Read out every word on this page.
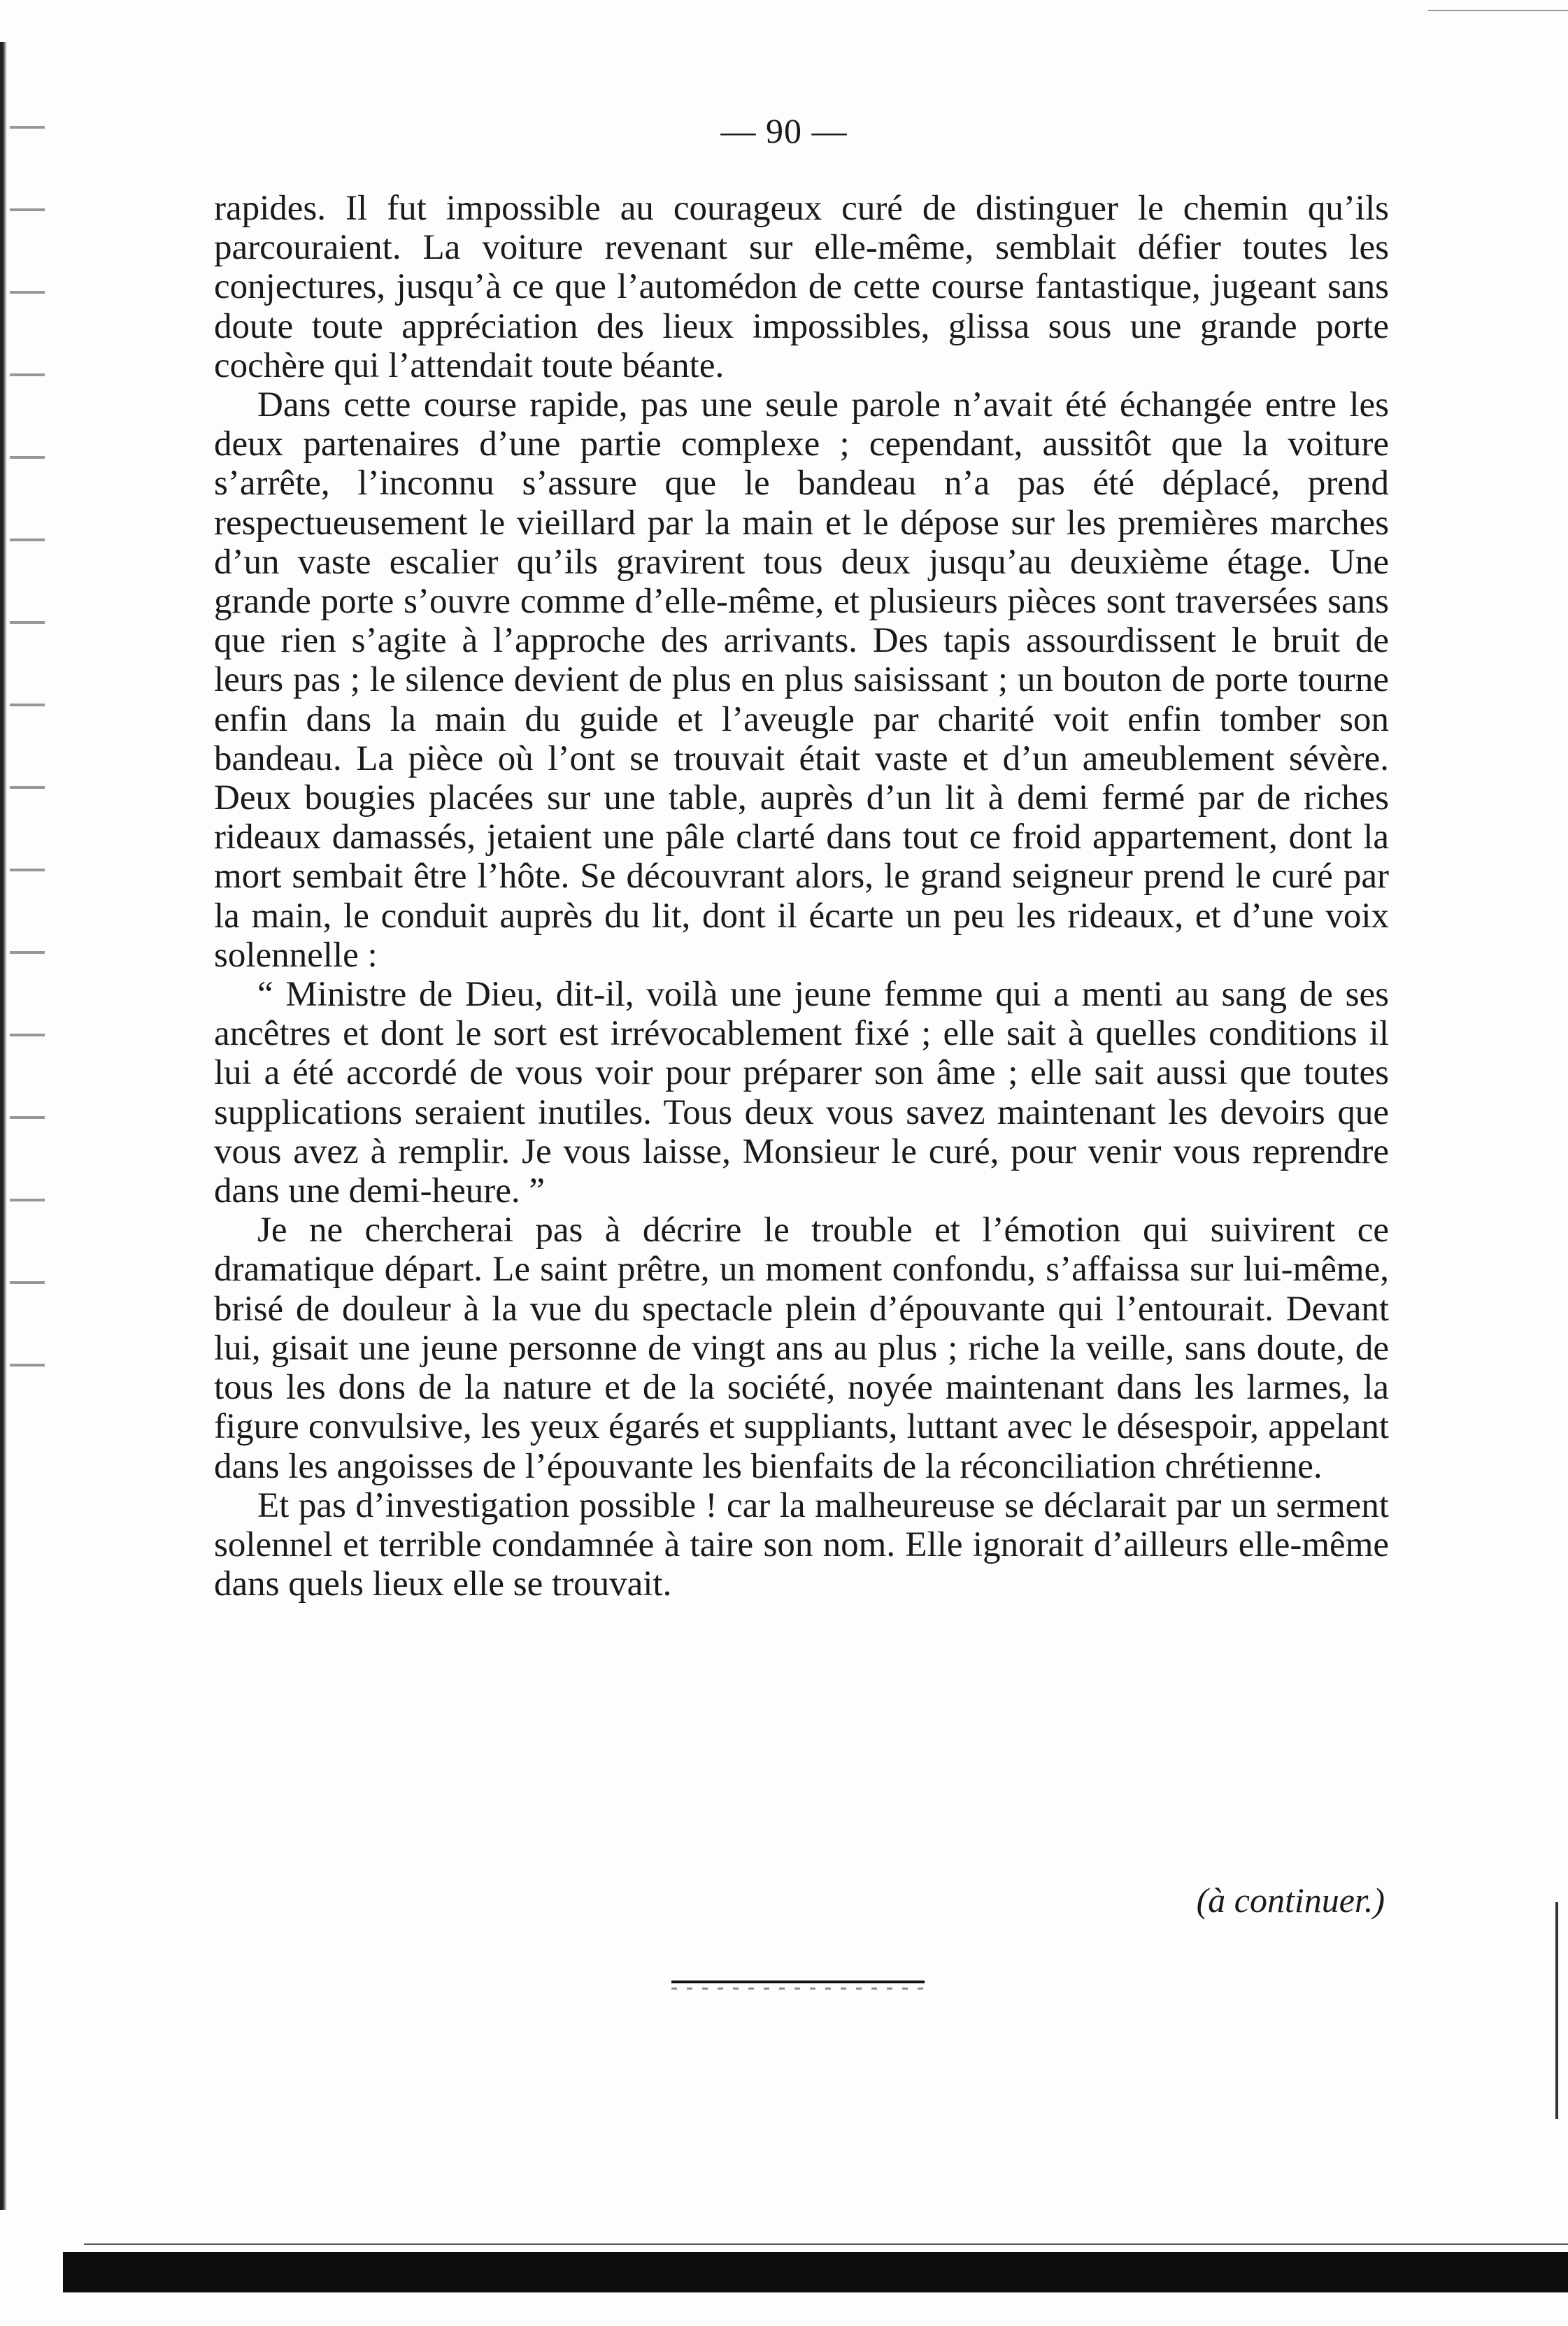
— 90 —

rapides. Il fut impossible au courageux curé de distinguer le chemin qu’ils parcouraient. La voiture revenant sur elle-même, semblait défier toutes les conjectures, jusqu’à ce que l’automédon de cette course fantastique, jugeant sans doute toute appréciation des lieux impossibles, glissa sous une grande porte cochère qui l’attendait toute béante.

Dans cette course rapide, pas une seule parole n’avait été échangée entre les deux partenaires d’une partie complexe ; cependant, aussitôt que la voiture s’arrête, l’inconnu s’assure que le bandeau n’a pas été déplacé, prend respectueusement le vieillard par la main et le dépose sur les premières marches d’un vaste escalier qu’ils gravirent tous deux jusqu’au deuxième étage. Une grande porte s’ouvre comme d’elle-même, et plusieurs pièces sont traversées sans que rien s’agite à l’approche des arrivants. Des tapis assourdissent le bruit de leurs pas ; le silence devient de plus en plus saisissant ; un bouton de porte tourne enfin dans la main du guide et l’aveugle par charité voit enfin tomber son bandeau. La pièce où l’ont se trouvait était vaste et d’un ameublement sévère. Deux bougies placées sur une table, auprès d’un lit à demi fermé par de riches rideaux damassés, jetaient une pâle clarté dans tout ce froid appartement, dont la mort sembait être l’hôte. Se découvrant alors, le grand seigneur prend le curé par la main, le conduit auprès du lit, dont il écarte un peu les rideaux, et d’une voix solennelle :

“ Ministre de Dieu, dit-il, voilà une jeune femme qui a menti au sang de ses ancêtres et dont le sort est irrévocablement fixé ; elle sait à quelles conditions il lui a été accordé de vous voir pour préparer son âme ; elle sait aussi que toutes supplications seraient inutiles. Tous deux vous savez maintenant les devoirs que vous avez à remplir. Je vous laisse, Monsieur le curé, pour venir vous reprendre dans une demi-heure. ”

Je ne chercherai pas à décrire le trouble et l’émotion qui suivirent ce dramatique départ. Le saint prêtre, un moment confondu, s’affaissa sur lui-même, brisé de douleur à la vue du spectacle plein d’épouvante qui l’entourait. Devant lui, gisait une jeune personne de vingt ans au plus ; riche la veille, sans doute, de tous les dons de la nature et de la société, noyée maintenant dans les larmes, la figure convulsive, les yeux égarés et suppliants, luttant avec le désespoir, appelant dans les angoisses de l’épouvante les bienfaits de la réconciliation chrétienne.

Et pas d’investigation possible ! car la malheureuse se déclarait par un serment solennel et terrible condamnée à taire son nom. Elle ignorait d’ailleurs elle-même dans quels lieux elle se trouvait.

(à continuer.)
